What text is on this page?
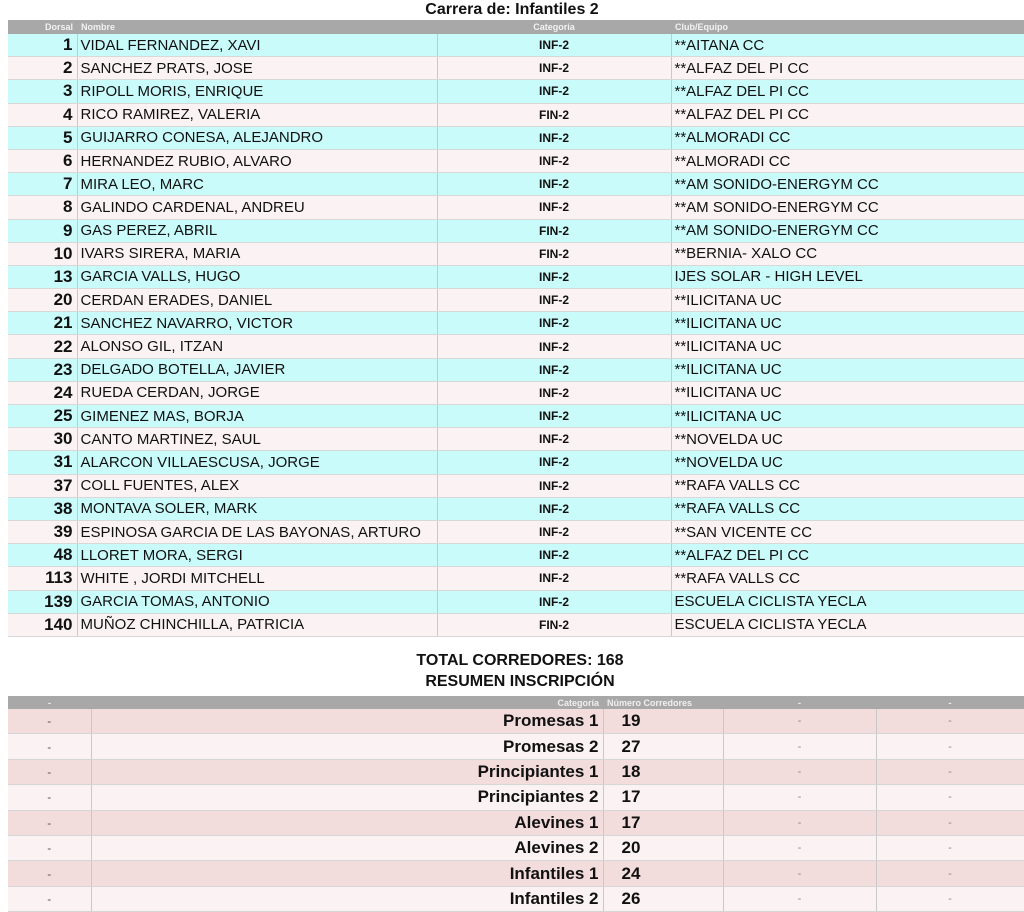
Carrera de: Infantiles 2
Dorsal	Nombre	Categoría	Club/Equipo
1	VIDAL FERNANDEZ, XAVI	INF-2	**AITANA CC
2	SANCHEZ PRATS, JOSE	INF-2	**ALFAZ DEL PI CC
3	RIPOLL MORIS, ENRIQUE	INF-2	**ALFAZ DEL PI CC
4	RICO RAMIREZ, VALERIA	FIN-2	**ALFAZ DEL PI CC
5	GUIJARRO CONESA, ALEJANDRO	INF-2	**ALMORADI CC
6	HERNANDEZ RUBIO, ALVARO	INF-2	**ALMORADI CC
7	MIRA LEO, MARC	INF-2	**AM SONIDO-ENERGYM CC
8	GALINDO CARDENAL, ANDREU	INF-2	**AM SONIDO-ENERGYM CC
9	GAS PEREZ, ABRIL	FIN-2	**AM SONIDO-ENERGYM CC
10	IVARS SIRERA, MARIA	FIN-2	**BERNIA- XALO CC
13	GARCIA VALLS, HUGO	INF-2	IJES SOLAR - HIGH LEVEL
20	CERDAN ERADES, DANIEL	INF-2	**ILICITANA UC
21	SANCHEZ NAVARRO, VICTOR	INF-2	**ILICITANA UC
22	ALONSO GIL, ITZAN	INF-2	**ILICITANA UC
23	DELGADO BOTELLA, JAVIER	INF-2	**ILICITANA UC
24	RUEDA CERDAN, JORGE	INF-2	**ILICITANA UC
25	GIMENEZ MAS, BORJA	INF-2	**ILICITANA UC
30	CANTO MARTINEZ, SAUL	INF-2	**NOVELDA UC
31	ALARCON VILLAESCUSA, JORGE	INF-2	**NOVELDA UC
37	COLL FUENTES, ALEX	INF-2	**RAFA VALLS CC
38	MONTAVA SOLER, MARK	INF-2	**RAFA VALLS CC
39	ESPINOSA GARCIA DE LAS BAYONAS, ARTURO	INF-2	**SAN VICENTE CC
48	LLORET MORA, SERGI	INF-2	**ALFAZ DEL PI CC
113	WHITE , JORDI MITCHELL	INF-2	**RAFA VALLS CC
139	GARCIA TOMAS, ANTONIO	INF-2	ESCUELA CICLISTA YECLA
140	MUÑOZ CHINCHILLA, PATRICIA	FIN-2	ESCUELA CICLISTA YECLA
TOTAL CORREDORES: 168
RESUMEN INSCRIPCIÓN
-	Categoría	Número Corredores	-	-
-	Promesas 1	19	-	-
-	Promesas 2	27	-	-
-	Principiantes 1	18	-	-
-	Principiantes 2	17	-	-
-	Alevines 1	17	-	-
-	Alevines 2	20	-	-
-	Infantiles 1	24	-	-
-	Infantiles 2	26	-	-
